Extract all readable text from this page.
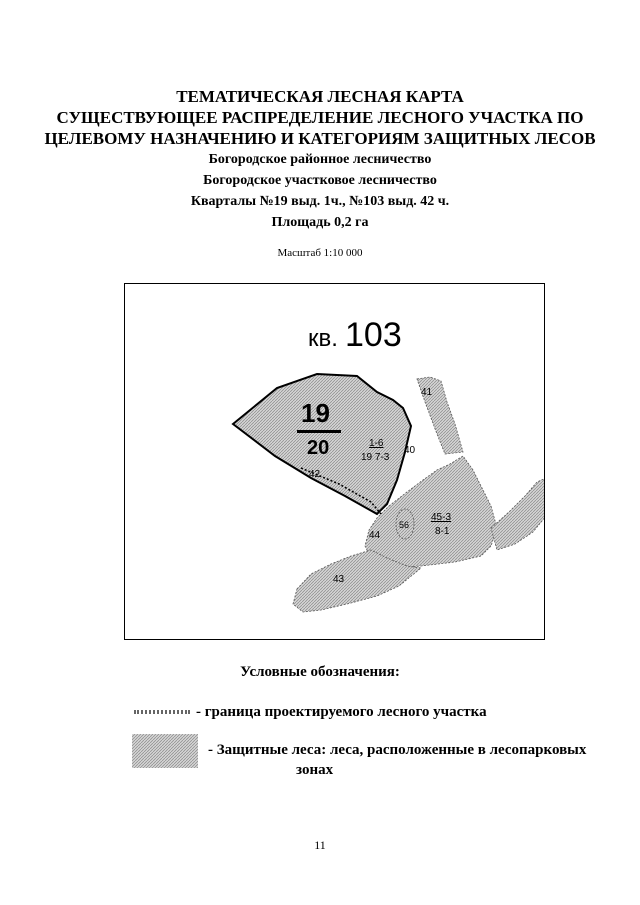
ТЕМАТИЧЕСКАЯ ЛЕСНАЯ КАРТА
СУЩЕСТВУЮЩЕЕ РАСПРЕДЕЛЕНИЕ ЛЕСНОГО УЧАСТКА ПО
ЦЕЛЕВОМУ НАЗНАЧЕНИЮ И КАТЕГОРИЯМ ЗАЩИТНЫХ ЛЕСОВ
Богородское районное лесничество
Богородское участковое лесничество
Кварталы №19 выд. 1ч., №103 выд. 42 ч.
Площадь 0,2 га
Масштаб 1:10 000
кв. 103
19
20
41
40
42
1-6
19 7-3
45-3
8-1
56
44
43
Условные обозначения:
- граница проектируемого лесного участка
- Защитные леса: леса, расположенные в лесопарковых
зонах
11
